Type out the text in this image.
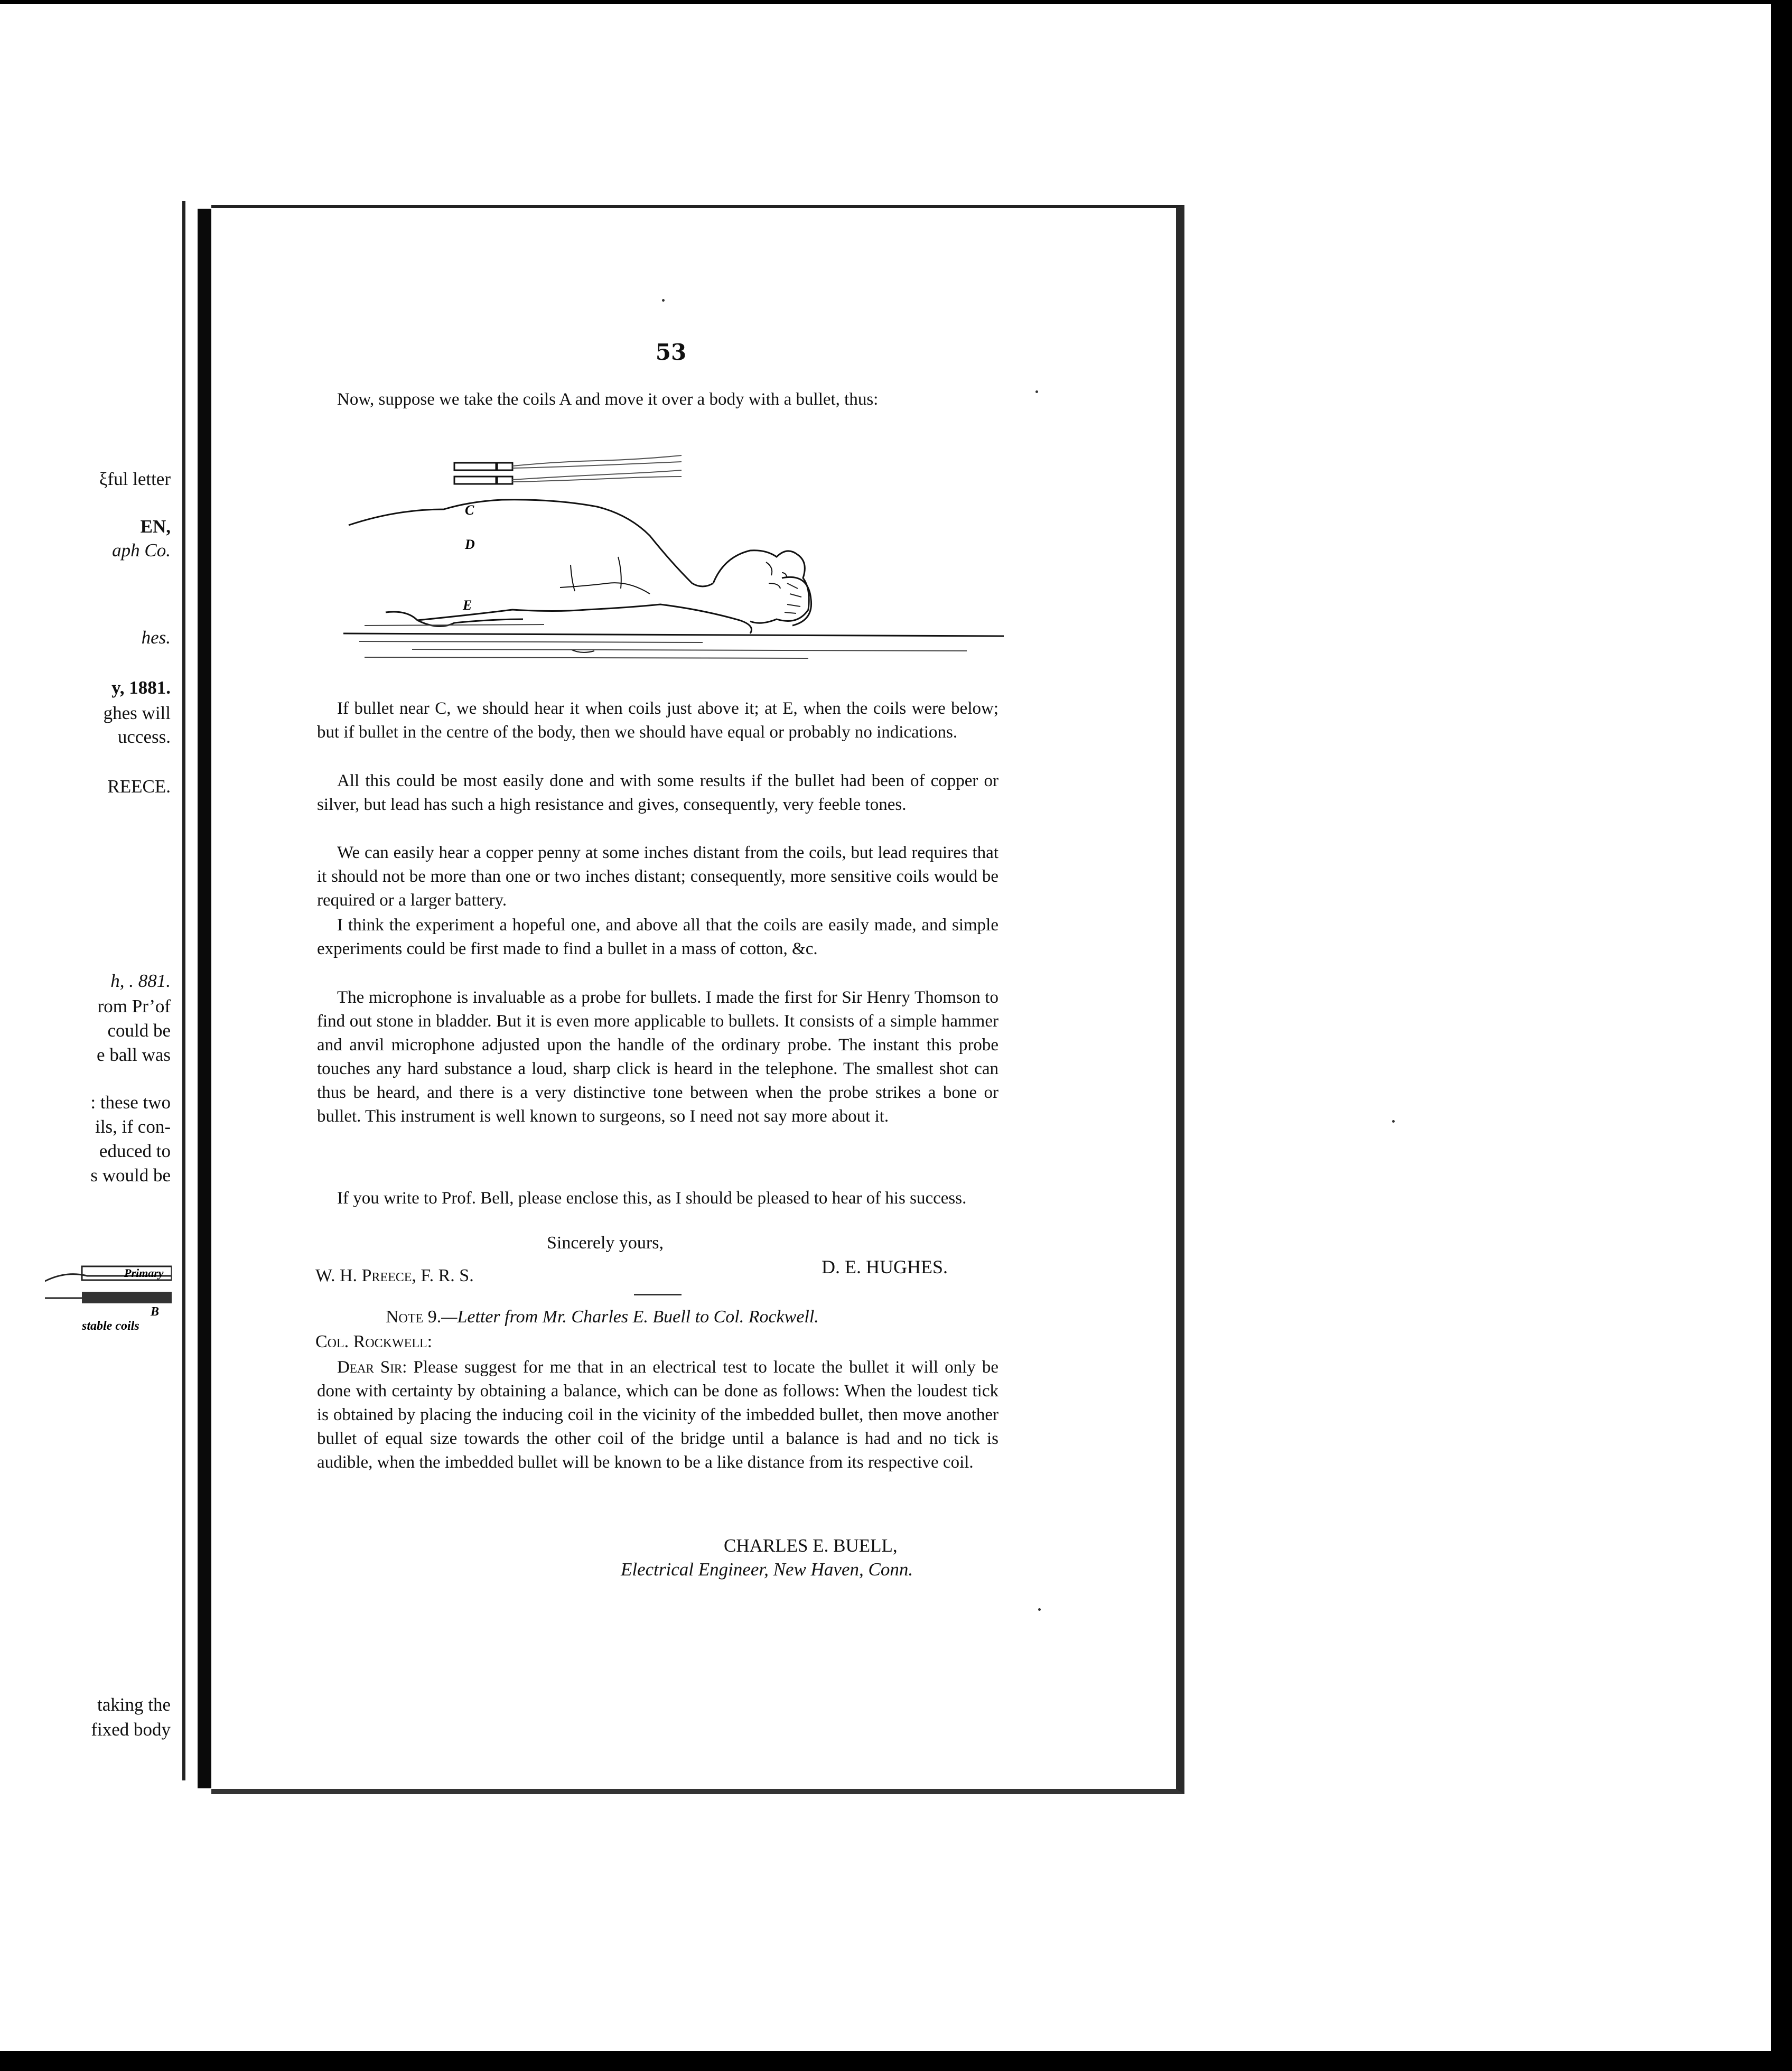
ξful letter
EN,
aph Co.
hes.
y, 1881.
ghes will
uccess.
REECE.
h, . 881.
rom Pr’of
could be
e ball was
: these two
ils, if con-
educed to
s would be
Primary
B
stable coils
taking the
fixed body
53
Now, suppose we take the coils A and move it over a body with a bullet, thus:
C
D
E
If bullet near C, we should hear it when coils just above it; at E, when the coils were below; but if bullet in the centre of the body, then we should have equal or probably no indications.
All this could be most easily done and with some results if the bullet had been of copper or silver, but lead has such a high resistance and gives, consequently, very feeble tones.
We can easily hear a copper penny at some inches distant from the coils, but lead requires that it should not be more than one or two inches distant; consequently, more sensitive coils would be required or a larger battery.
I think the experiment a hopeful one, and above all that the coils are easily made, and simple experiments could be first made to find a bullet in a mass of cotton, &c.
The microphone is invaluable as a probe for bullets. I made the first for Sir Henry Thomson to find out stone in bladder. But it is even more applicable to bullets. It consists of a simple hammer and anvil microphone adjusted upon the handle of the ordinary probe. The instant this probe touches any hard substance a loud, sharp click is heard in the telephone. The smallest shot can thus be heard, and there is a very distinctive tone between when the probe strikes a bone or bullet. This instrument is well known to surgeons, so I need not say more about it.
If you write to Prof. Bell, please enclose this, as I should be pleased to hear of his success.
Sincerely yours,
D. E. HUGHES.
W. H. Preece, F. R. S.
Note 9.—Letter from Mr. Charles E. Buell to Col. Rockwell.
Col. Rockwell:
Dear Sir: Please suggest for me that in an electrical test to locate the bullet it will only be done with certainty by obtaining a balance, which can be done as follows: When the loudest tick is obtained by placing the inducing coil in the vicinity of the imbedded bullet, then move another bullet of equal size towards the other coil of the bridge until a balance is had and no tick is audible, when the imbedded bullet will be known to be a like distance from its respective coil.
CHARLES E. BUELL,
Electrical Engineer, New Haven, Conn.
